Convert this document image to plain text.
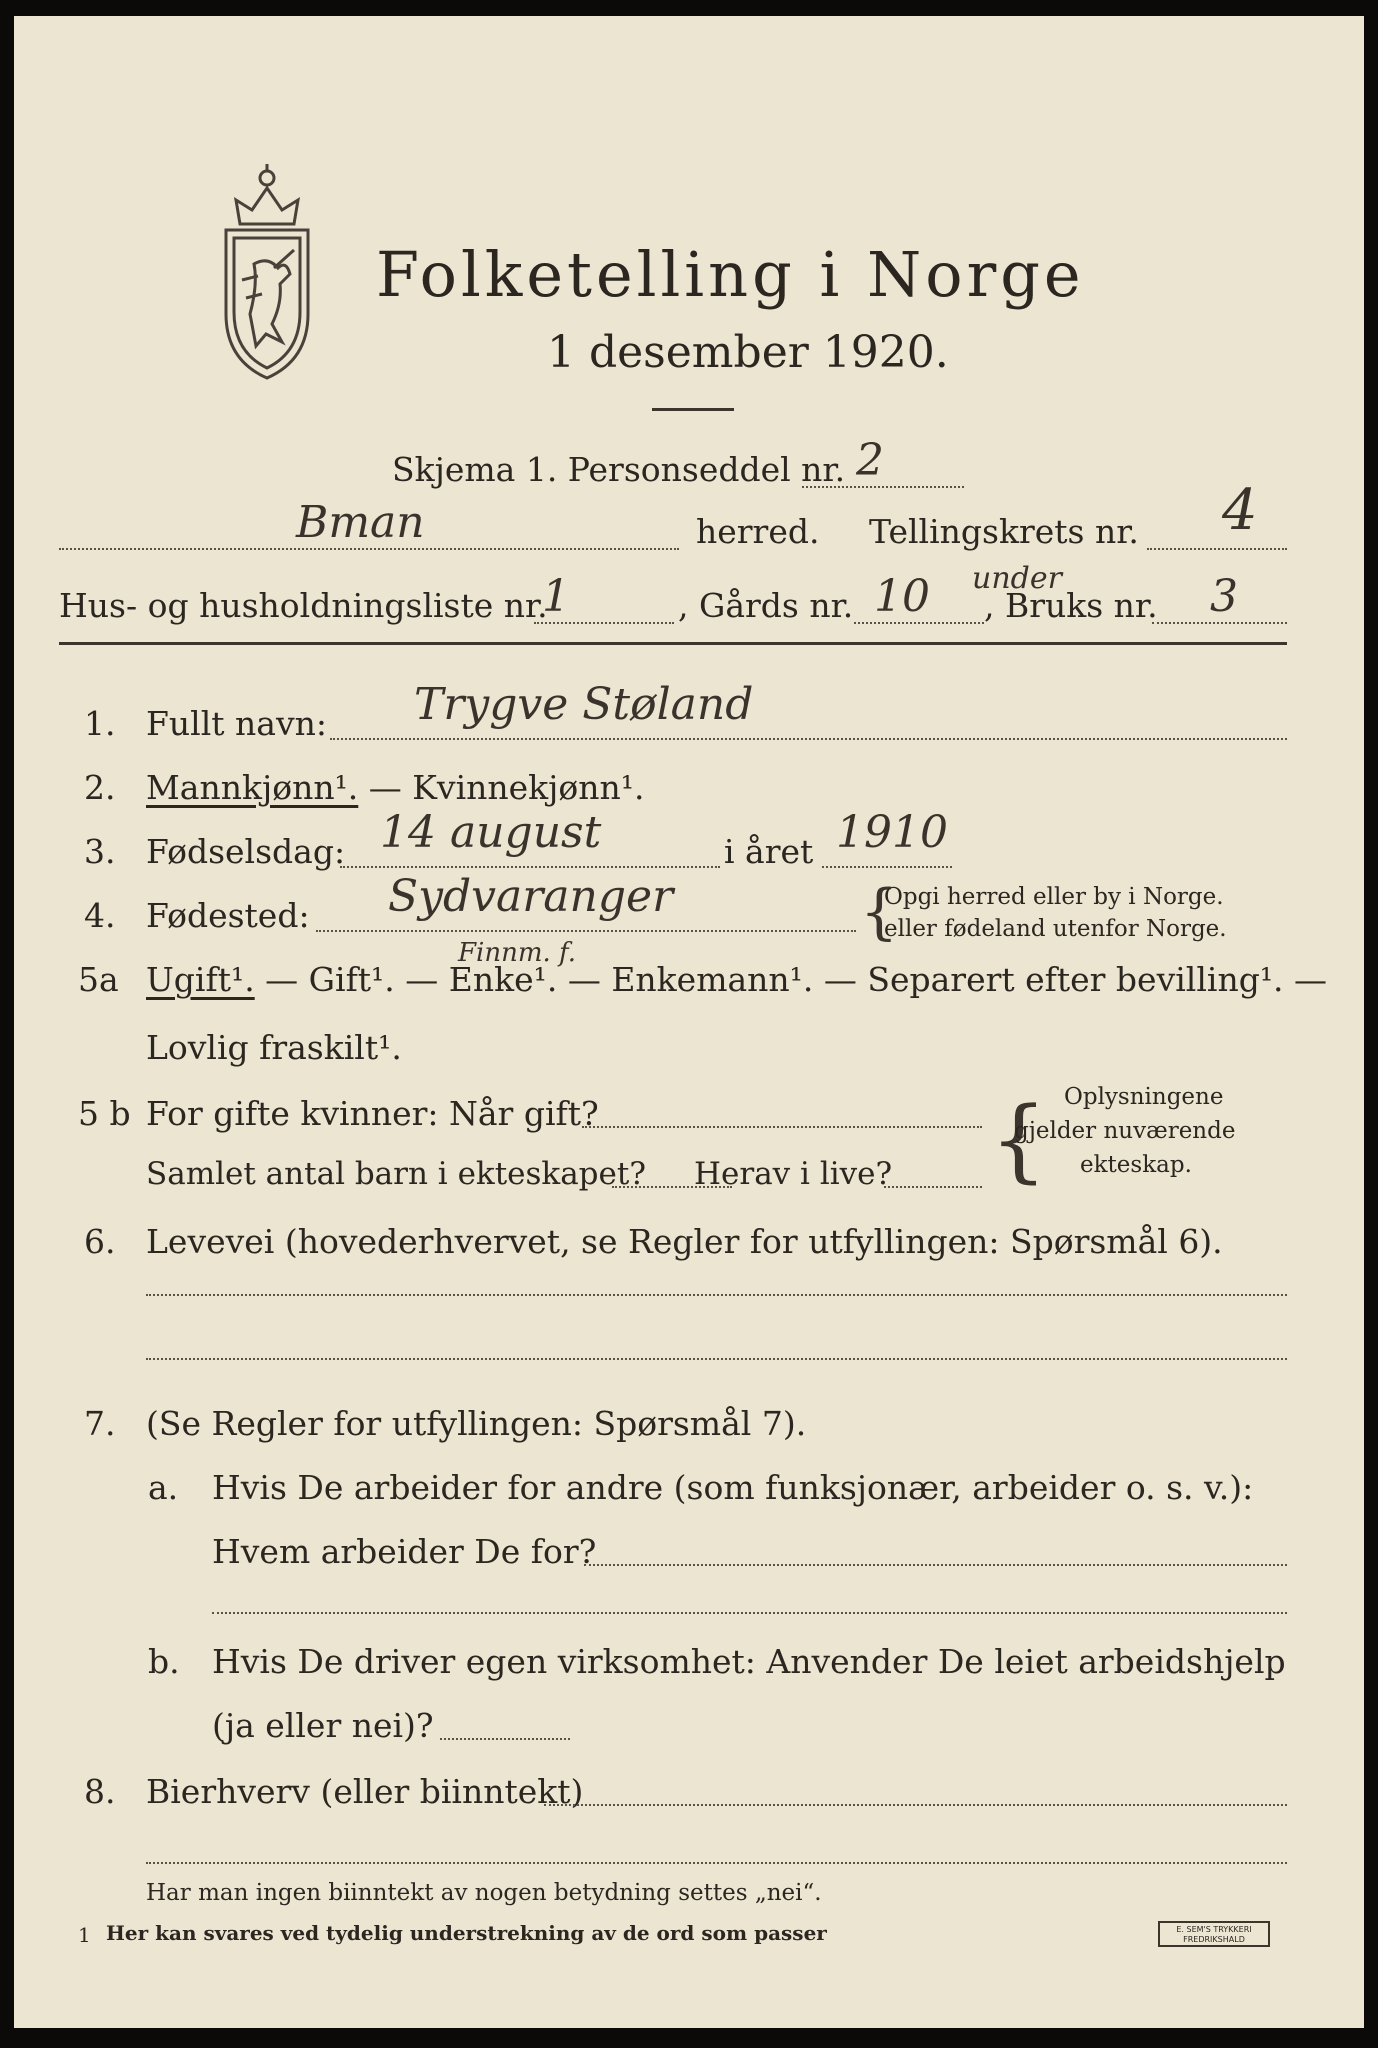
Folketelling i Norge
1 desember 1920.
Skjema 1. Personseddel nr. 2
Bman	herred. Tellingskrets nr. 4
Hus- og husholdningsliste nr.
1	, Gårds nr. 10 under
, Bruks nr. 3
1. Fullt navn: Trygve Støland
2. Mannkjønn¹. — Kvinnekjønn¹.
3. Fødselsdag: 14 august	i året 1910
4. Fødested: Sydvaranger	{
Opgi herred eller by i Norge.
eller fødeland utenfor Norge.
Finnm. f.
5a Ugift¹. — Gift¹. — Enke¹. — Enkemann¹. — Separert efter bevilling¹. —
Lovlig fraskilt¹.
5 b For gifte kvinner: Når gift?
Samlet antal barn i ekteskapet? Herav i live? { Oplysningene
gjelder nuværende
ekteskap.
6. Levevei (hovederhvervet, se Regler for utfyllingen: Spørsmål 6).
7. (Se Regler for utfyllingen: Spørsmål 7).
a. Hvis De arbeider for andre (som funksjonær, arbeider o. s. v.):
Hvem arbeider De for?
b. Hvis De driver egen virksomhet: Anvender De leiet arbeidshjelp
(ja eller nei)?
8. Bierhverv (eller biinntekt)
Har man ingen biinntekt av nogen betydning settes „nei“.
1 Her kan svares ved tydelig understrekning av de ord som passer	E. SEM'S TRYKKERI
FREDRIKSHALD
